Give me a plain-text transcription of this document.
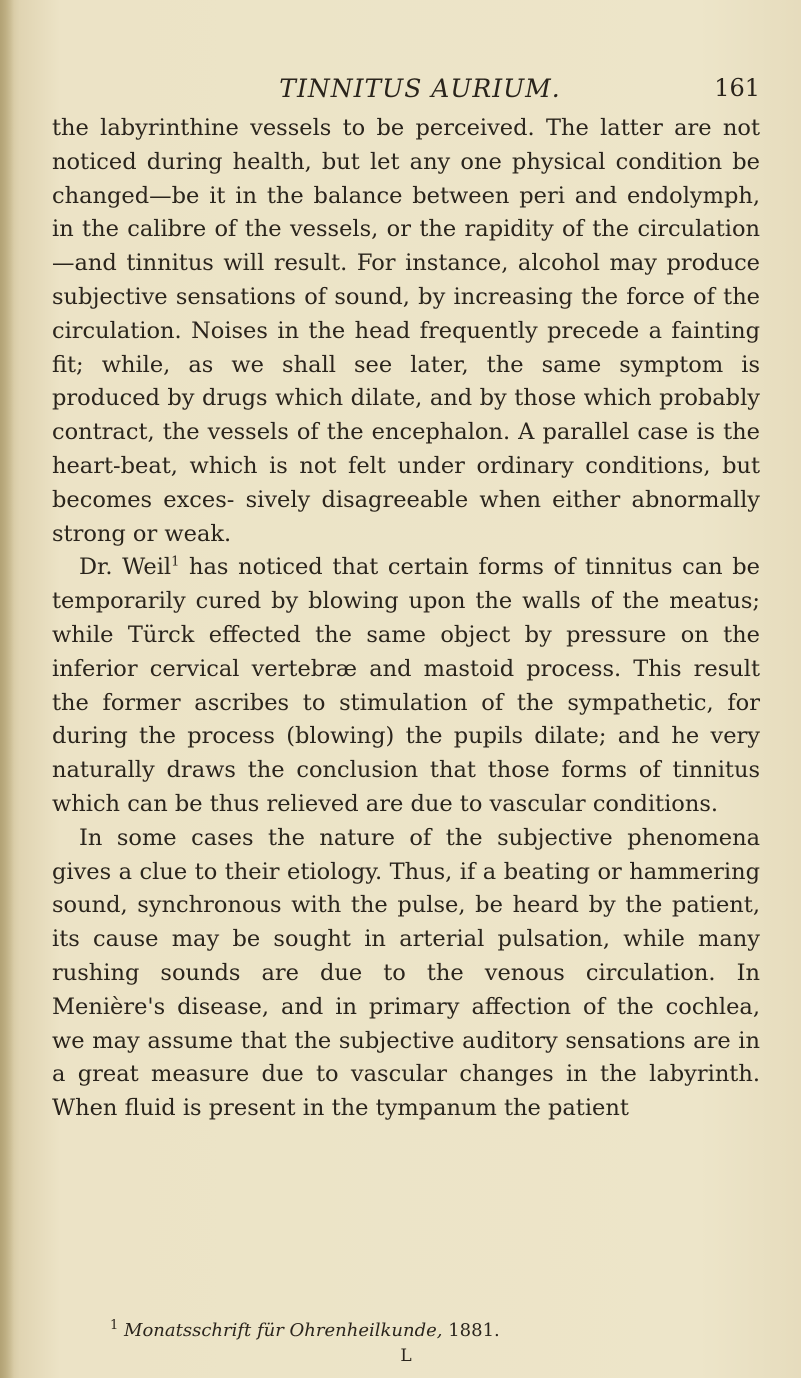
TINNITUS AURIUM.	161

the labyrinthine vessels to be perceived. The latter are not noticed during health, but let any one physical condition be changed—be it in the balance between peri and endolymph, in the calibre of the vessels, or the rapidity of the circulation—and tinnitus will result. For instance, alcohol may produce subjective sensations of sound, by increasing the force of the circulation. Noises in the head frequently precede a fainting fit; while, as we shall see later, the same symptom is produced by drugs which dilate, and by those which probably contract, the vessels of the encephalon. A parallel case is the heart-beat, which is not felt under ordinary conditions, but becomes exces- sively disagreeable when either abnormally strong or weak.

Dr. Weil$^1$ has noticed that certain forms of tinnitus can be temporarily cured by blowing upon the walls of the meatus; while Türck effected the same object by pressure on the inferior cervical vertebræ and mastoid process. This result the former ascribes to stimulation of the sympathetic, for during the process (blowing) the pupils dilate; and he very naturally draws the conclusion that those forms of tinnitus which can be thus relieved are due to vascular conditions.

In some cases the nature of the subjective phenomena gives a clue to their etiology. Thus, if a beating or hammering sound, synchronous with the pulse, be heard by the patient, its cause may be sought in arterial pulsation, while many rushing sounds are due to the venous circulation. In Menière's disease, and in primary affection of the cochlea, we may assume that the subjective auditory sensations are in a great measure due to vascular changes in the labyrinth. When fluid is present in the tympanum the patient

$^1$ Monatsschrift für Ohrenheilkunde, 1881.
L
